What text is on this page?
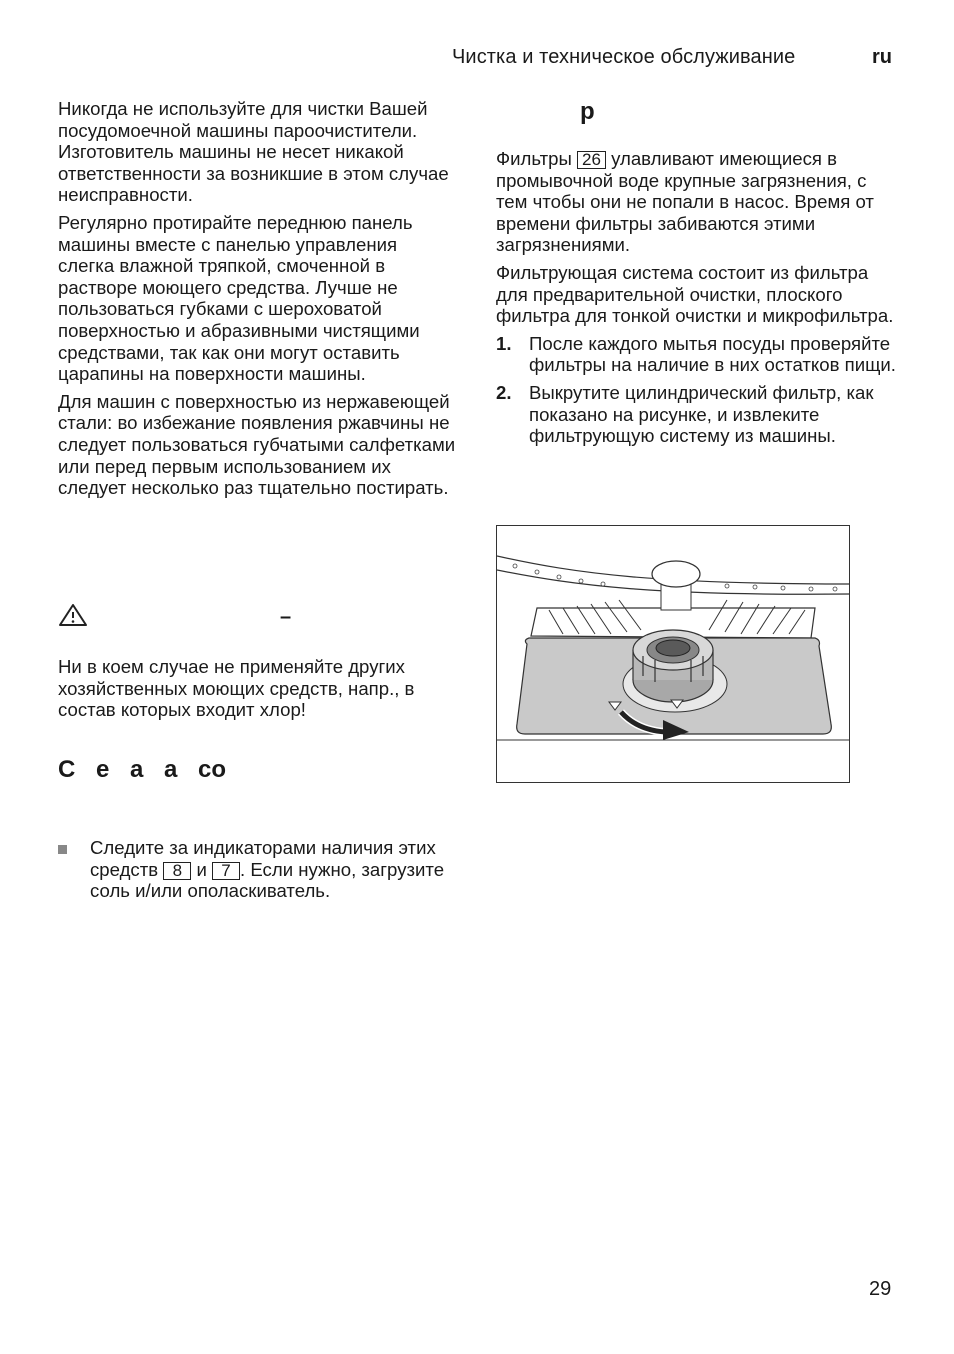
Чистка и техническое обслуживание	ru

Никогда не используйте для чистки Вашей посудомоечной машины пароочистители. Изготовитель машины не несет никакой ответственности за возникшие в этом случае неисправности.

Регулярно протирайте переднюю панель машины вместе с панелью управления слегка влажной тряпкой, смоченной в растворе моющего средства. Лучше не пользоваться губками с шероховатой поверхностью и абразивными чистящими средствами, так как они могут оставить царапины на поверхности машины.

Для машин с поверхностью из нержавеющей стали: во избежание появления ржавчины не следует пользоваться губчатыми салфетками или перед первым использованием их следует несколько раз тщательно постирать.

–
Ни в коем случае не применяйте других хозяйственных моющих средств, напр., в состав которых входит хлор!
С е а а со
Следите за индикаторами наличия этих средств 8 и 7 . Если нужно, загрузите соль и/или ополаскиватель.
р

Фильтры 26 улавливают имеющиеся в промывочной воде крупные загрязнения, с тем чтобы они не попали в насос. Время от времени фильтры забиваются этими загрязнениями.

Фильтрующая система состоит из фильтра для предварительной очистки, плоского фильтра для тонкой очистки и микрофильтра.

1. После каждого мытья посуды проверяйте фильтры на наличие в них остатков пищи.
2. Выкрутите цилиндрический фильтр, как показано на рисунке, и извлеките фильтрующую систему из машины.
29
